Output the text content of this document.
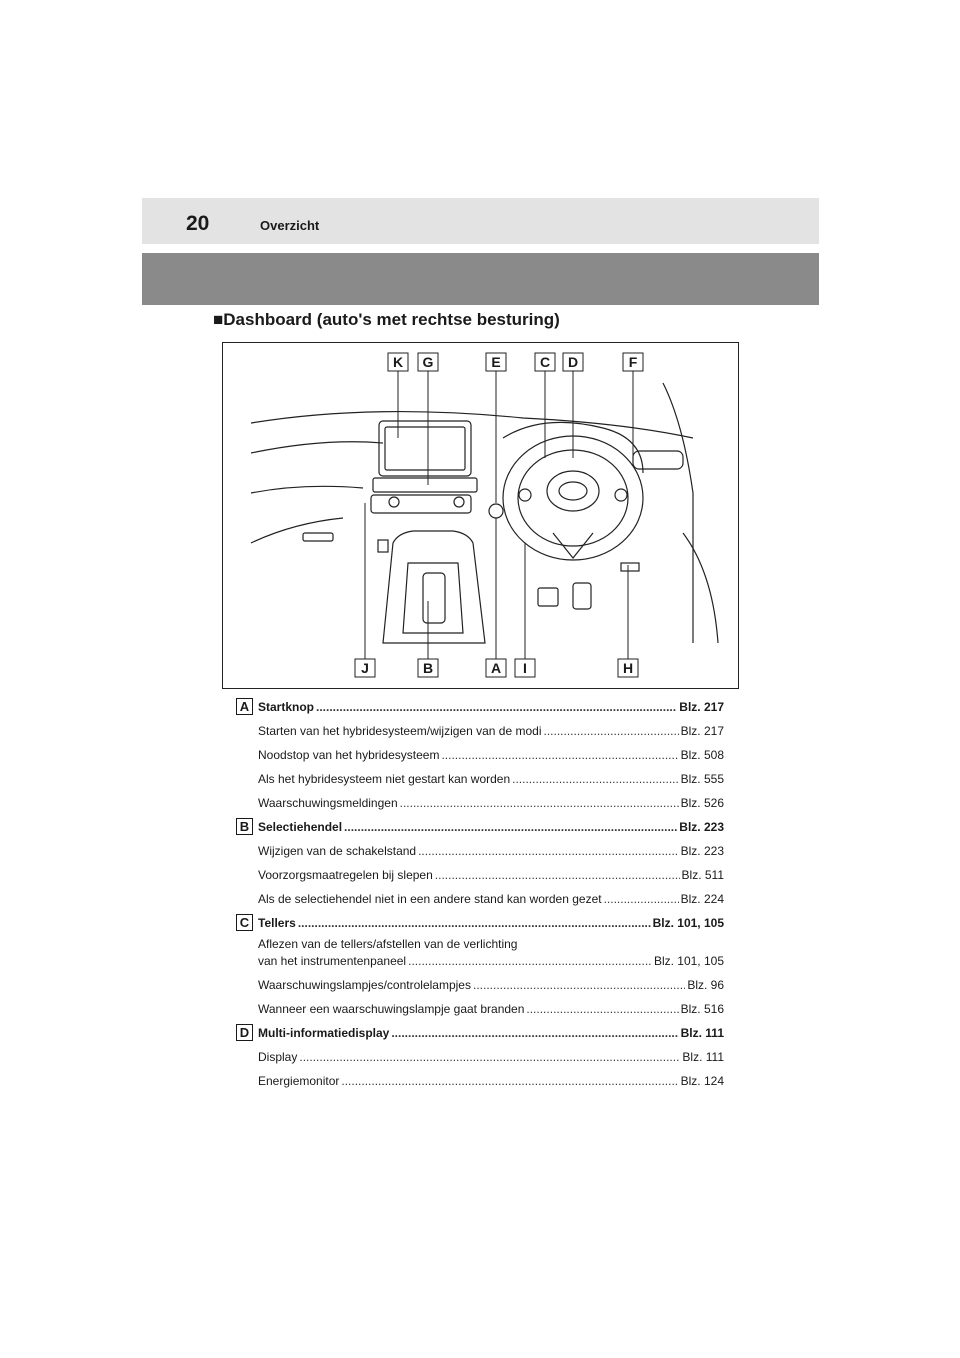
20	Overzicht
■Dashboard (auto's met rechtse besturing)
K G	E	C D	F
J	B	A I	H
A Startknop .....	Blz. 217
Starten van het hybridesysteem/wijzigen van de modi .....	Blz. 217
Noodstop van het hybridesysteem .....	Blz. 508
Als het hybridesysteem niet gestart kan worden .....	Blz. 555
Waarschuwingsmeldingen .....	Blz. 526
B Selectiehendel .....	Blz. 223
Wijzigen van de schakelstand .....	Blz. 223
Voorzorgsmaatregelen bij slepen .....	Blz. 511
Als de selectiehendel niet in een andere stand kan worden gezet .....	Blz. 224
C Tellers .....	Blz. 101, 105
Aflezen van de tellers/afstellen van de verlichting
van het instrumentenpaneel .....	Blz. 101, 105
Waarschuwingslampjes/controlelampjes .....	Blz. 96
Wanneer een waarschuwingslampje gaat branden .....	Blz. 516
D Multi-informatiedisplay .....	Blz. 111
Display .....	Blz. 111
Energiemonitor .....	Blz. 124
